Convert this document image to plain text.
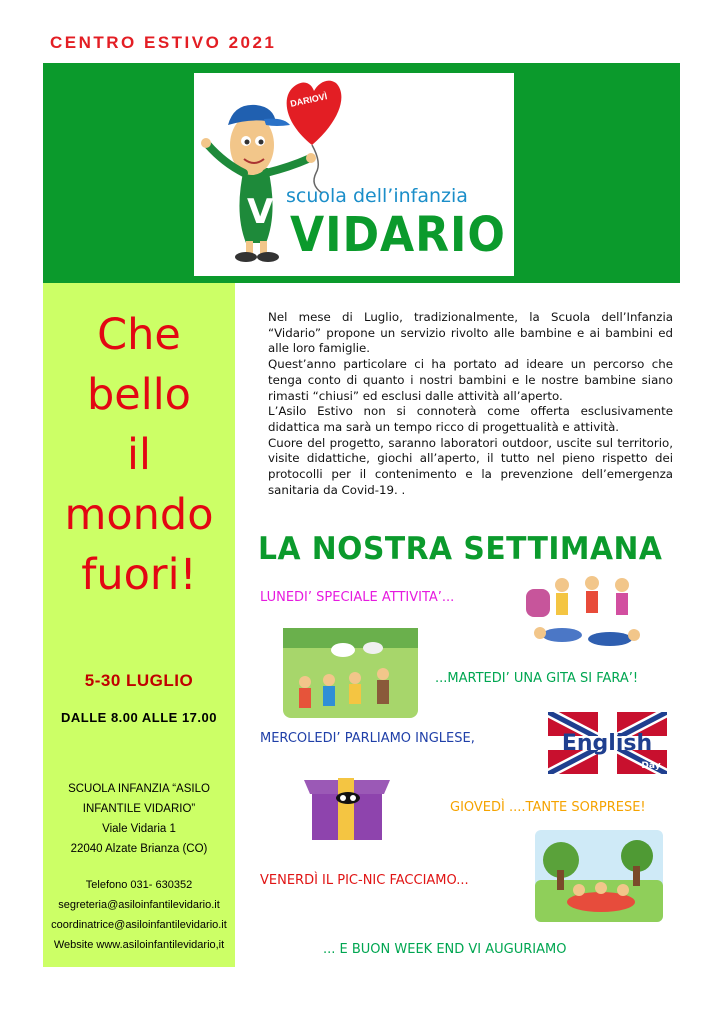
CENTRO ESTIVO 2021
V
DARIOVÌ
scuola dell’infanzia
VIDARIO
Che
bello
il
mondo
fuori!
5-30 LUGLIO
DALLE 8.00 ALLE 17.00
SCUOLA INFANZIA “ASILO
INFANTILE VIDARIO”
Viale Vidaria 1
22040 Alzate Brianza (CO)
Telefono 031- 630352
segreteria@asiloinfantilevidario.it
coordinatrice@asiloinfantilevidario.it
Website www.asiloinfantilevidario,it

Nel mese di Luglio, tradizionalmente, la Scuola dell’Infanzia “Vidario” propone un servizio rivolto alle bambine e ai bambini ed alle loro famiglie.

Quest’anno particolare ci ha portato ad ideare un percorso che tenga conto di quanto i nostri bambini e le nostre bambine siano rimasti “chiusi” ed esclusi dalle attività all’aperto.

L’Asilo Estivo non si connoterà come offerta esclusivamente didattica ma sarà un tempo ricco di progettualità e attività.

Cuore del progetto, saranno laboratori outdoor, uscite sul territorio, visite didattiche, giochi all’aperto, il tutto nel pieno rispetto dei protocolli per il contenimento e la prevenzione dell’emergenza sanitaria da Covid-19. .

LA NOSTRA SETTIMANA
LUNEDI’ SPECIALE ATTIVITA’...
...MARTEDI’ UNA GITA SI FARA’!
MERCOLEDI’ PARLIAMO INGLESE,	English
Day
GIOVEDÌ ....TANTE SORPRESE!
VENERDÌ IL PIC-NIC FACCIAMO...
... E BUON WEEK END VI AUGURIAMO
